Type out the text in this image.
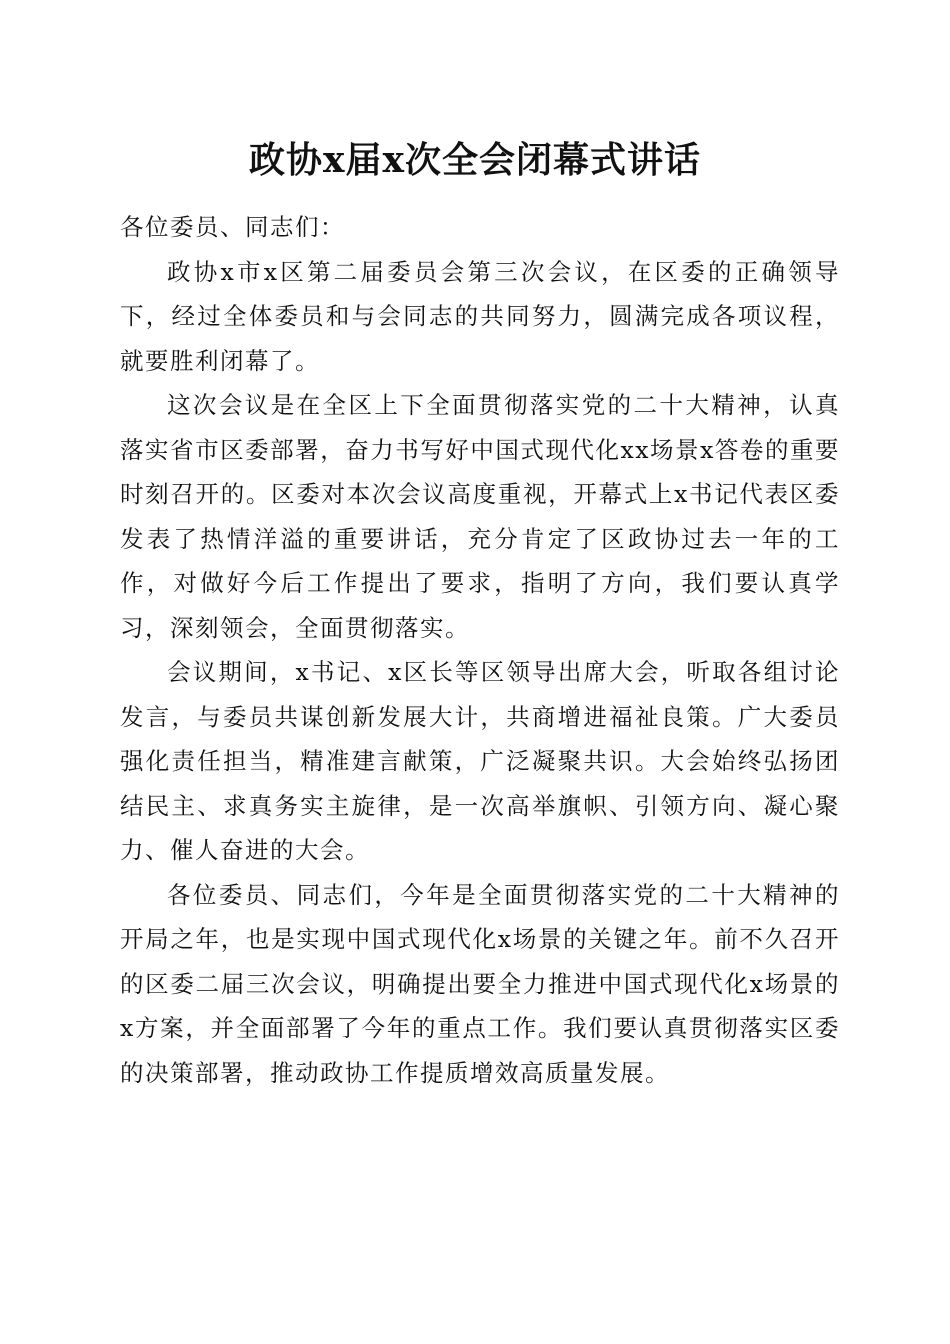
政协x届x次全会闭幕式讲话

各位委员、同志们：

政协x市x区第二届委员会第三次会议，在区委的正确领导下，经过全体委员和与会同志的共同努力，圆满完成各项议程，就要胜利闭幕了。

这次会议是在全区上下全面贯彻落实党的二十大精神，认真落实省市区委部署，奋力书写好中国式现代化xx场景x答卷的重要时刻召开的。区委对本次会议高度重视，开幕式上x书记代表区委发表了热情洋溢的重要讲话，充分肯定了区政协过去一年的工作，对做好今后工作提出了要求，指明了方向，我们要认真学习，深刻领会，全面贯彻落实。

会议期间，x书记、x区长等区领导出席大会，听取各组讨论发言，与委员共谋创新发展大计，共商增进福祉良策。广大委员强化责任担当，精准建言献策，广泛凝聚共识。大会始终弘扬团结民主、求真务实主旋律，是一次高举旗帜、引领方向、凝心聚力、催人奋进的大会。

各位委员、同志们，今年是全面贯彻落实党的二十大精神的开局之年，也是实现中国式现代化x场景的关键之年。前不久召开的区委二届三次会议，明确提出要全力推进中国式现代化x场景的x方案，并全面部署了今年的重点工作。我们要认真贯彻落实区委的决策部署，推动政协工作提质增效高质量发展。
